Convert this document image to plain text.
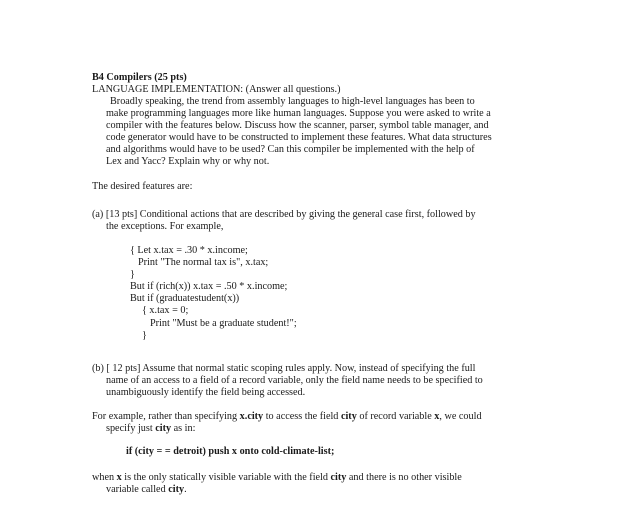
B4 Compilers (25 pts)
LANGUAGE IMPLEMENTATION: (Answer all questions.)
Broadly speaking, the trend from assembly languages to high-level languages has been to
make programming languages more like human languages. Suppose you were asked to write a
compiler with the features below. Discuss how the scanner, parser, symbol table manager, and
code generator would have to be constructed to implement these features. What data structures
and algorithms would have to be used? Can this compiler be implemented with the help of
Lex and Yacc? Explain why or why not.
The desired features are:
(a) [13 pts] Conditional actions that are described by giving the general case first, followed by
the exceptions. For example,
{ Let x.tax = .30 * x.income;
Print "The normal tax is", x.tax;
}
But if (rich(x)) x.tax = .50 * x.income;
But if (graduatestudent(x))
{ x.tax = 0;
Print "Must be a graduate student!";
}
(b) [ 12 pts] Assume that normal static scoping rules apply. Now, instead of specifying the full
name of an access to a field of a record variable, only the field name needs to be specified to
unambiguously identify the field being accessed.
For example, rather than specifying x.city to access the field city of record variable x, we could
specify just city as in:
if (city = = detroit) push x onto cold-climate-list;
when x is the only statically visible variable with the field city and there is no other visible
variable called city.
